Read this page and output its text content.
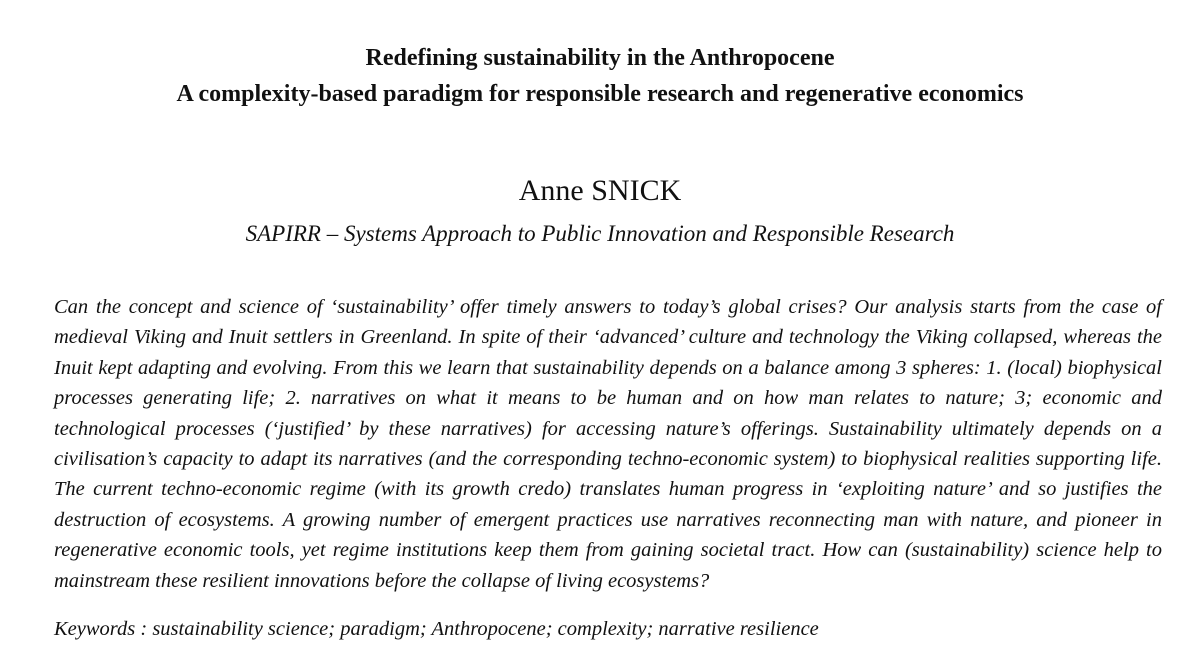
Redefining sustainability in the Anthropocene
A complexity-based paradigm for responsible research and regenerative economics
Anne SNICK
SAPIRR – Systems Approach to Public Innovation and Responsible Research

Can the concept and science of ‘sustainability’ offer timely answers to today’s global crises? Our analysis starts from the case of medieval Viking and Inuit settlers in Greenland. In spite of their ‘advanced’ culture and technology the Viking collapsed, whereas the Inuit kept adapting and evolving. From this we learn that sustainability depends on a balance among 3 spheres: 1. (local) biophysical processes generating life; 2. narratives on what it means to be human and on how man relates to nature; 3; economic and technological processes (‘justified’ by these narratives) for accessing nature’s offerings. Sustainability ultimately depends on a civilisation’s capacity to adapt its narratives (and the corresponding techno-economic system) to biophysical realities supporting life. The current techno-economic regime (with its growth credo) translates human progress in ‘exploiting nature’ and so justifies the destruction of ecosystems. A growing number of emergent practices use narratives reconnecting man with nature, and pioneer in regenerative economic tools, yet regime institutions keep them from gaining societal tract. How can (sustainability) science help to mainstream these resilient innovations before the collapse of living ecosystems?

Keywords : sustainability science; paradigm; Anthropocene; complexity; narrative resilience
